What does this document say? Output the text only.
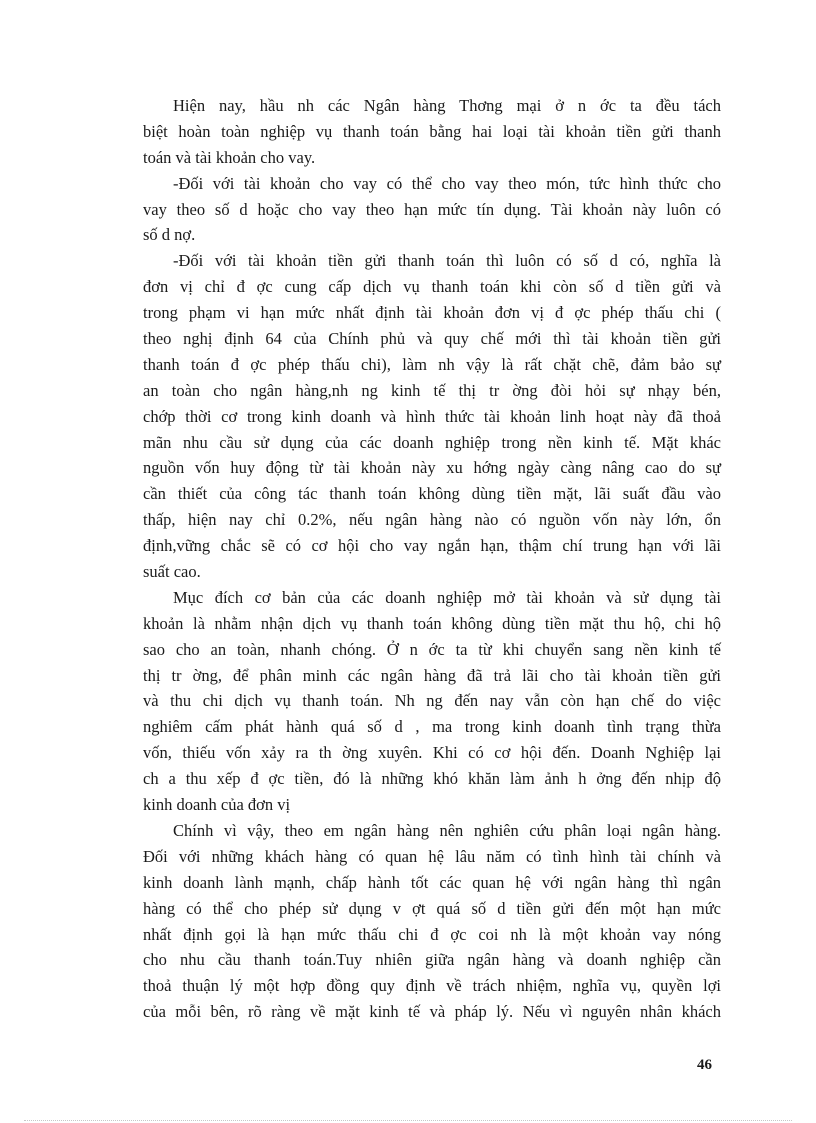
Hiện nay, hầu nh các Ngân hàng Thơng mại ở n ớc ta đều tách
biệt hoàn toàn nghiệp vụ thanh toán bằng hai loại tài khoản tiền gửi thanh
toán và tài khoản cho vay.
-Đối với tài khoản cho vay có thể cho vay theo món, tức hình thức cho
vay theo số d hoặc cho vay theo hạn mức tín dụng. Tài khoản này luôn có
số d nợ.
-Đối với tài khoản tiền gửi thanh toán thì luôn có số d có, nghĩa là
đơn vị chỉ đ ợc cung cấp dịch vụ thanh toán khi còn số d tiền gửi và
trong phạm vi hạn mức nhất định tài khoản đơn vị đ ợc phép thấu chi (
theo nghị định 64 của Chính phủ và quy chế mới thì tài khoản tiền gửi
thanh toán đ ợc phép thấu chi), làm nh vậy là rất chặt chẽ, đảm bảo sự
an toàn cho ngân hàng,nh ng kinh tế thị tr ờng đòi hỏi sự nhạy bén,
chớp thời cơ trong kinh doanh và hình thức tài khoản linh hoạt này đã thoả
mãn nhu cầu sử dụng của các doanh nghiệp trong nền kinh tế. Mặt khác
nguồn vốn huy động từ tài khoản này xu hớng ngày càng nâng cao do sự
cần thiết của công tác thanh toán không dùng tiền mặt, lãi suất đầu vào
thấp, hiện nay chỉ 0.2%, nếu ngân hàng nào có nguồn vốn này lớn, ổn
định,vững chắc sẽ có cơ hội cho vay ngắn hạn, thậm chí trung hạn với lãi
suất cao.
Mục đích cơ bản của các doanh nghiệp mở tài khoản và sử dụng tài
khoản là nhằm nhận dịch vụ thanh toán không dùng tiền mặt thu hộ, chi hộ
sao cho an toàn, nhanh chóng. Ở n ớc ta từ khi chuyển sang nền kinh tế
thị tr ờng, để phân minh các ngân hàng đã trả lãi cho tài khoản tiền gửi
và thu chi dịch vụ thanh toán. Nh ng đến nay vẫn còn hạn chế do việc
nghiêm cấm phát hành quá số d , ma trong kinh doanh tình trạng thừa
vốn, thiếu vốn xảy ra th ờng xuyên. Khi có cơ hội đến. Doanh Nghiệp lại
ch a thu xếp đ ợc tiền, đó là những khó khăn làm ảnh h ởng đến nhịp độ
kinh doanh của đơn vị
Chính vì vậy, theo em ngân hàng nên nghiên cứu phân loại ngân hàng.
Đối với những khách hàng có quan hệ lâu năm có tình hình tài chính và
kinh doanh lành mạnh, chấp hành tốt các quan hệ với ngân hàng thì ngân
hàng có thể cho phép sử dụng v ợt quá số d tiền gửi đến một hạn mức
nhất định gọi là hạn mức thấu chi đ ợc coi nh là một khoản vay nóng
cho nhu cầu thanh toán.Tuy nhiên giữa ngân hàng và doanh nghiệp cần
thoả thuận lý một hợp đồng quy định về trách nhiệm, nghĩa vụ, quyền lợi
của mỗi bên, rõ ràng về mặt kinh tế và pháp lý. Nếu vì nguyên nhân khách
46
